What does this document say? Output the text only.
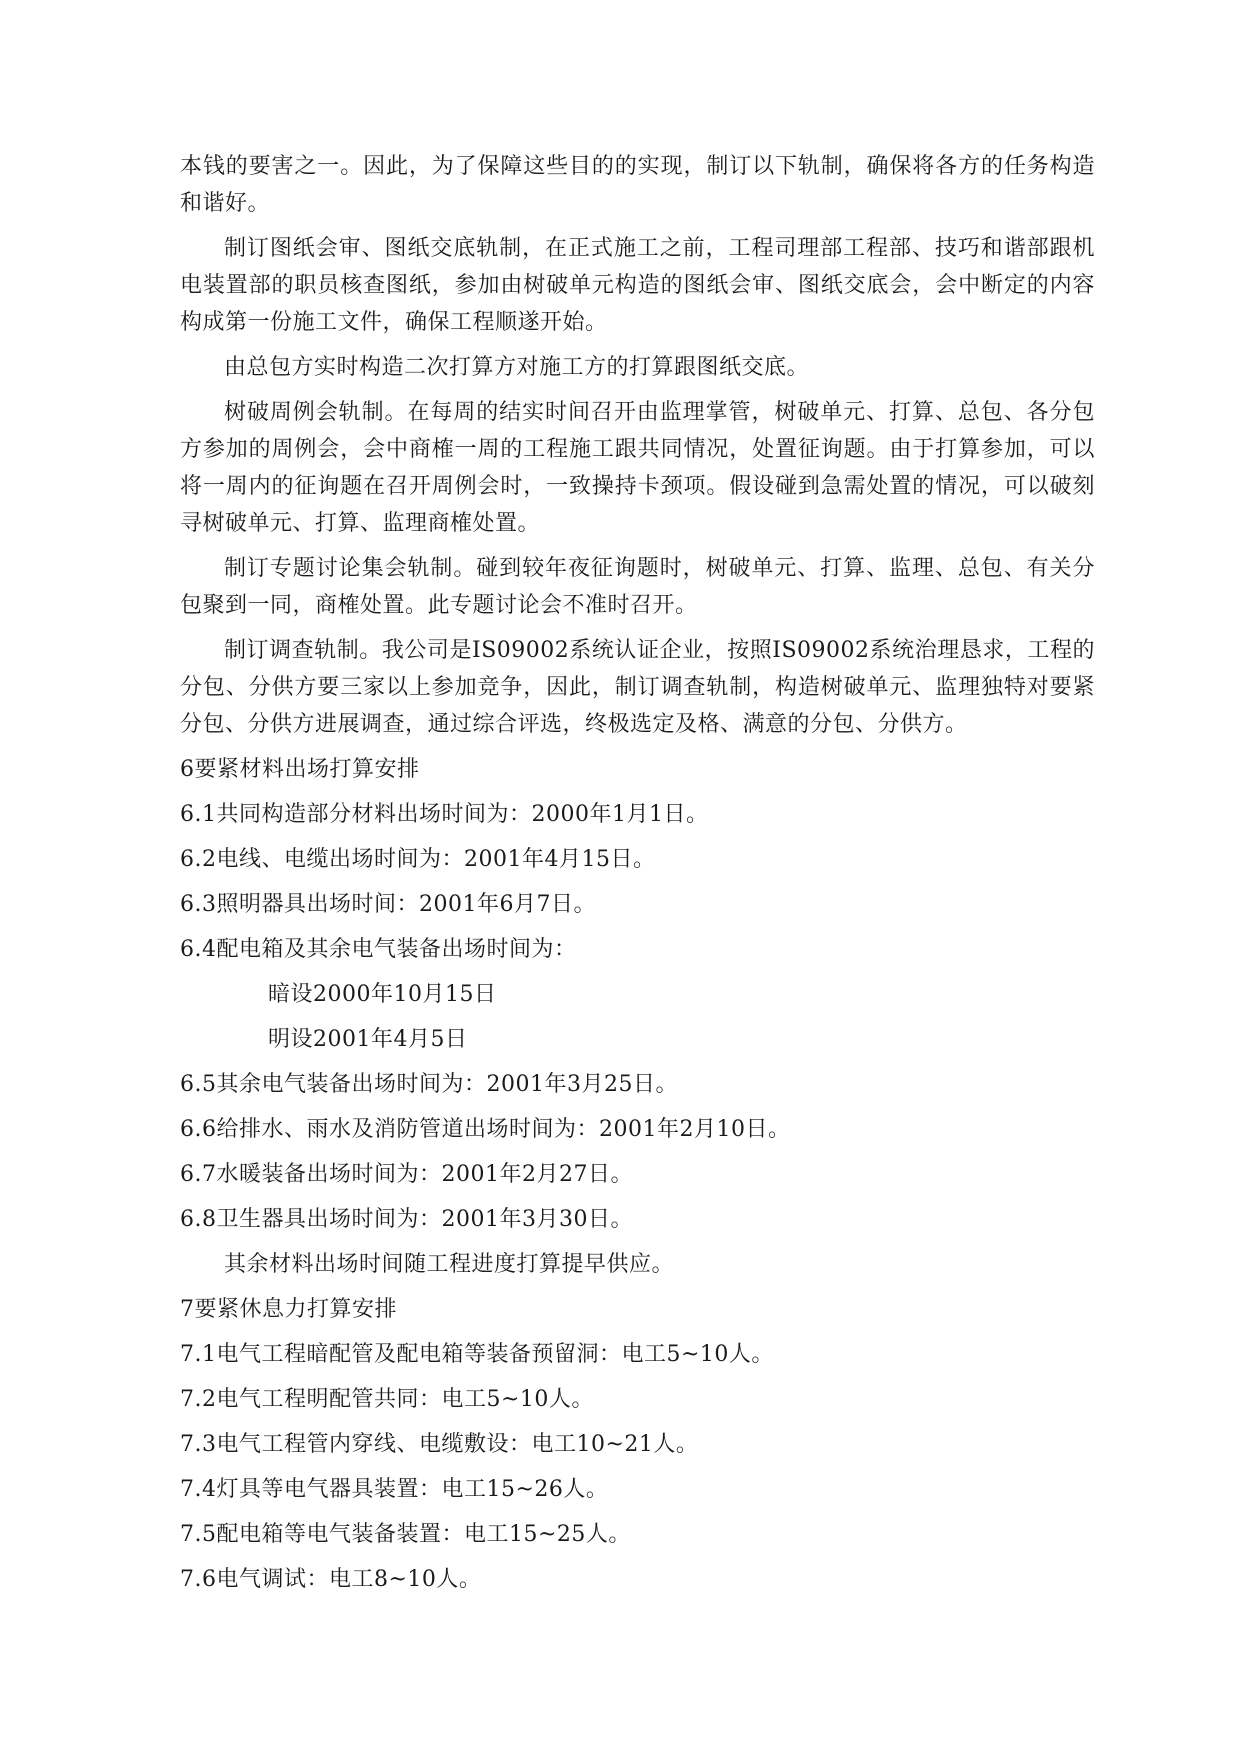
本钱的要害之一。因此，为了保障这些目的的实现，制订以下轨制，确保将各方的任务构造和谐好。

制订图纸会审、图纸交底轨制，在正式施工之前，工程司理部工程部、技巧和谐部跟机电装置部的职员核查图纸，参加由树破单元构造的图纸会审、图纸交底会，会中断定的内容构成第一份施工文件，确保工程顺遂开始。

由总包方实时构造二次打算方对施工方的打算跟图纸交底。

树破周例会轨制。在每周的结实时间召开由监理掌管，树破单元、打算、总包、各分包方参加的周例会，会中商榷一周的工程施工跟共同情况，处置征询题。由于打算参加，可以将一周内的征询题在召开周例会时，一致操持卡颈项。假设碰到急需处置的情况，可以破刻寻树破单元、打算、监理商榷处置。

制订专题讨论集会轨制。碰到较年夜征询题时，树破单元、打算、监理、总包、有关分包聚到一同，商榷处置。此专题讨论会不准时召开。

制订调查轨制。我公司是IS09002系统认证企业，按照IS09002系统治理恳求，工程的分包、分供方要三家以上参加竞争，因此，制订调查轨制，构造树破单元、监理独特对要紧分包、分供方进展调查，通过综合评选，终极选定及格、满意的分包、分供方。

6要紧材料出场打算安排
6.1共同构造部分材料出场时间为：2000年1月1日。
6.2电线、电缆出场时间为：2001年4月15日。
6.3照明器具出场时间：2001年6月7日。
6.4配电箱及其余电气装备出场时间为：
暗设2000年10月15日
明设2001年4月5日
6.5其余电气装备出场时间为：2001年3月25日。
6.6给排水、雨水及消防管道出场时间为：2001年2月10日。
6.7水暖装备出场时间为：2001年2月27日。
6.8卫生器具出场时间为：2001年3月30日。
其余材料出场时间随工程进度打算提早供应。
7要紧休息力打算安排
7.1电气工程暗配管及配电箱等装备预留洞：电工5~10人。
7.2电气工程明配管共同：电工5~10人。
7.3电气工程管内穿线、电缆敷设：电工10~21人。
7.4灯具等电气器具装置：电工15~26人。
7.5配电箱等电气装备装置：电工15~25人。
7.6电气调试：电工8~10人。
